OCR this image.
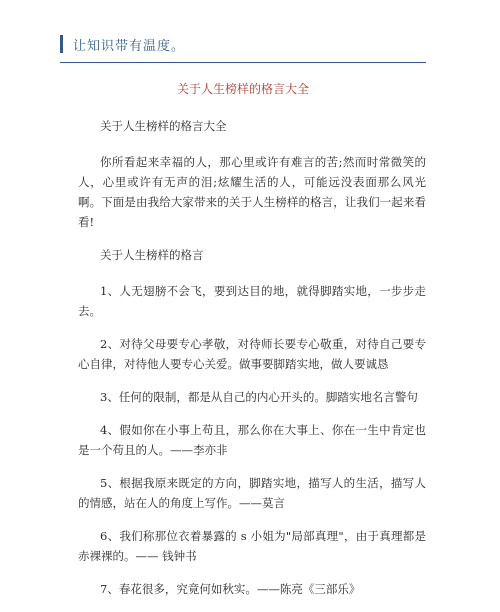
让知识带有温度。
关于人生榜样的格言大全

关于人生榜样的格言大全

你所看起来幸福的人，那心里或许有难言的苦;然而时常微笑的人，心里或许有无声的泪;炫耀生活的人，可能远没表面那么风光啊。下面是由我给大家带来的关于人生榜样的格言，让我们一起来看看!

关于人生榜样的格言

1、人无翅膀不会飞，要到达目的地，就得脚踏实地，一步步走去。

2、对待父母要专心孝敬，对待师长要专心敬重，对待自己要专心自律，对待他人要专心关爱。做事要脚踏实地，做人要诚恳

3、任何的限制，都是从自己的内心开头的。脚踏实地名言警句

4、假如你在小事上苟且，那么你在大事上、你在一生中肯定也是一个苟且的人。——李亦非

5、根据我原来既定的方向，脚踏实地，描写人的生活，描写人的情感，站在人的角度上写作。——莫言

6、我们称那位衣着暴露的 s 小姐为"局部真理"，由于真理都是赤裸裸的。—— 钱钟书

7、春花很多，究竟何如秋实。——陈亮《三部乐》
